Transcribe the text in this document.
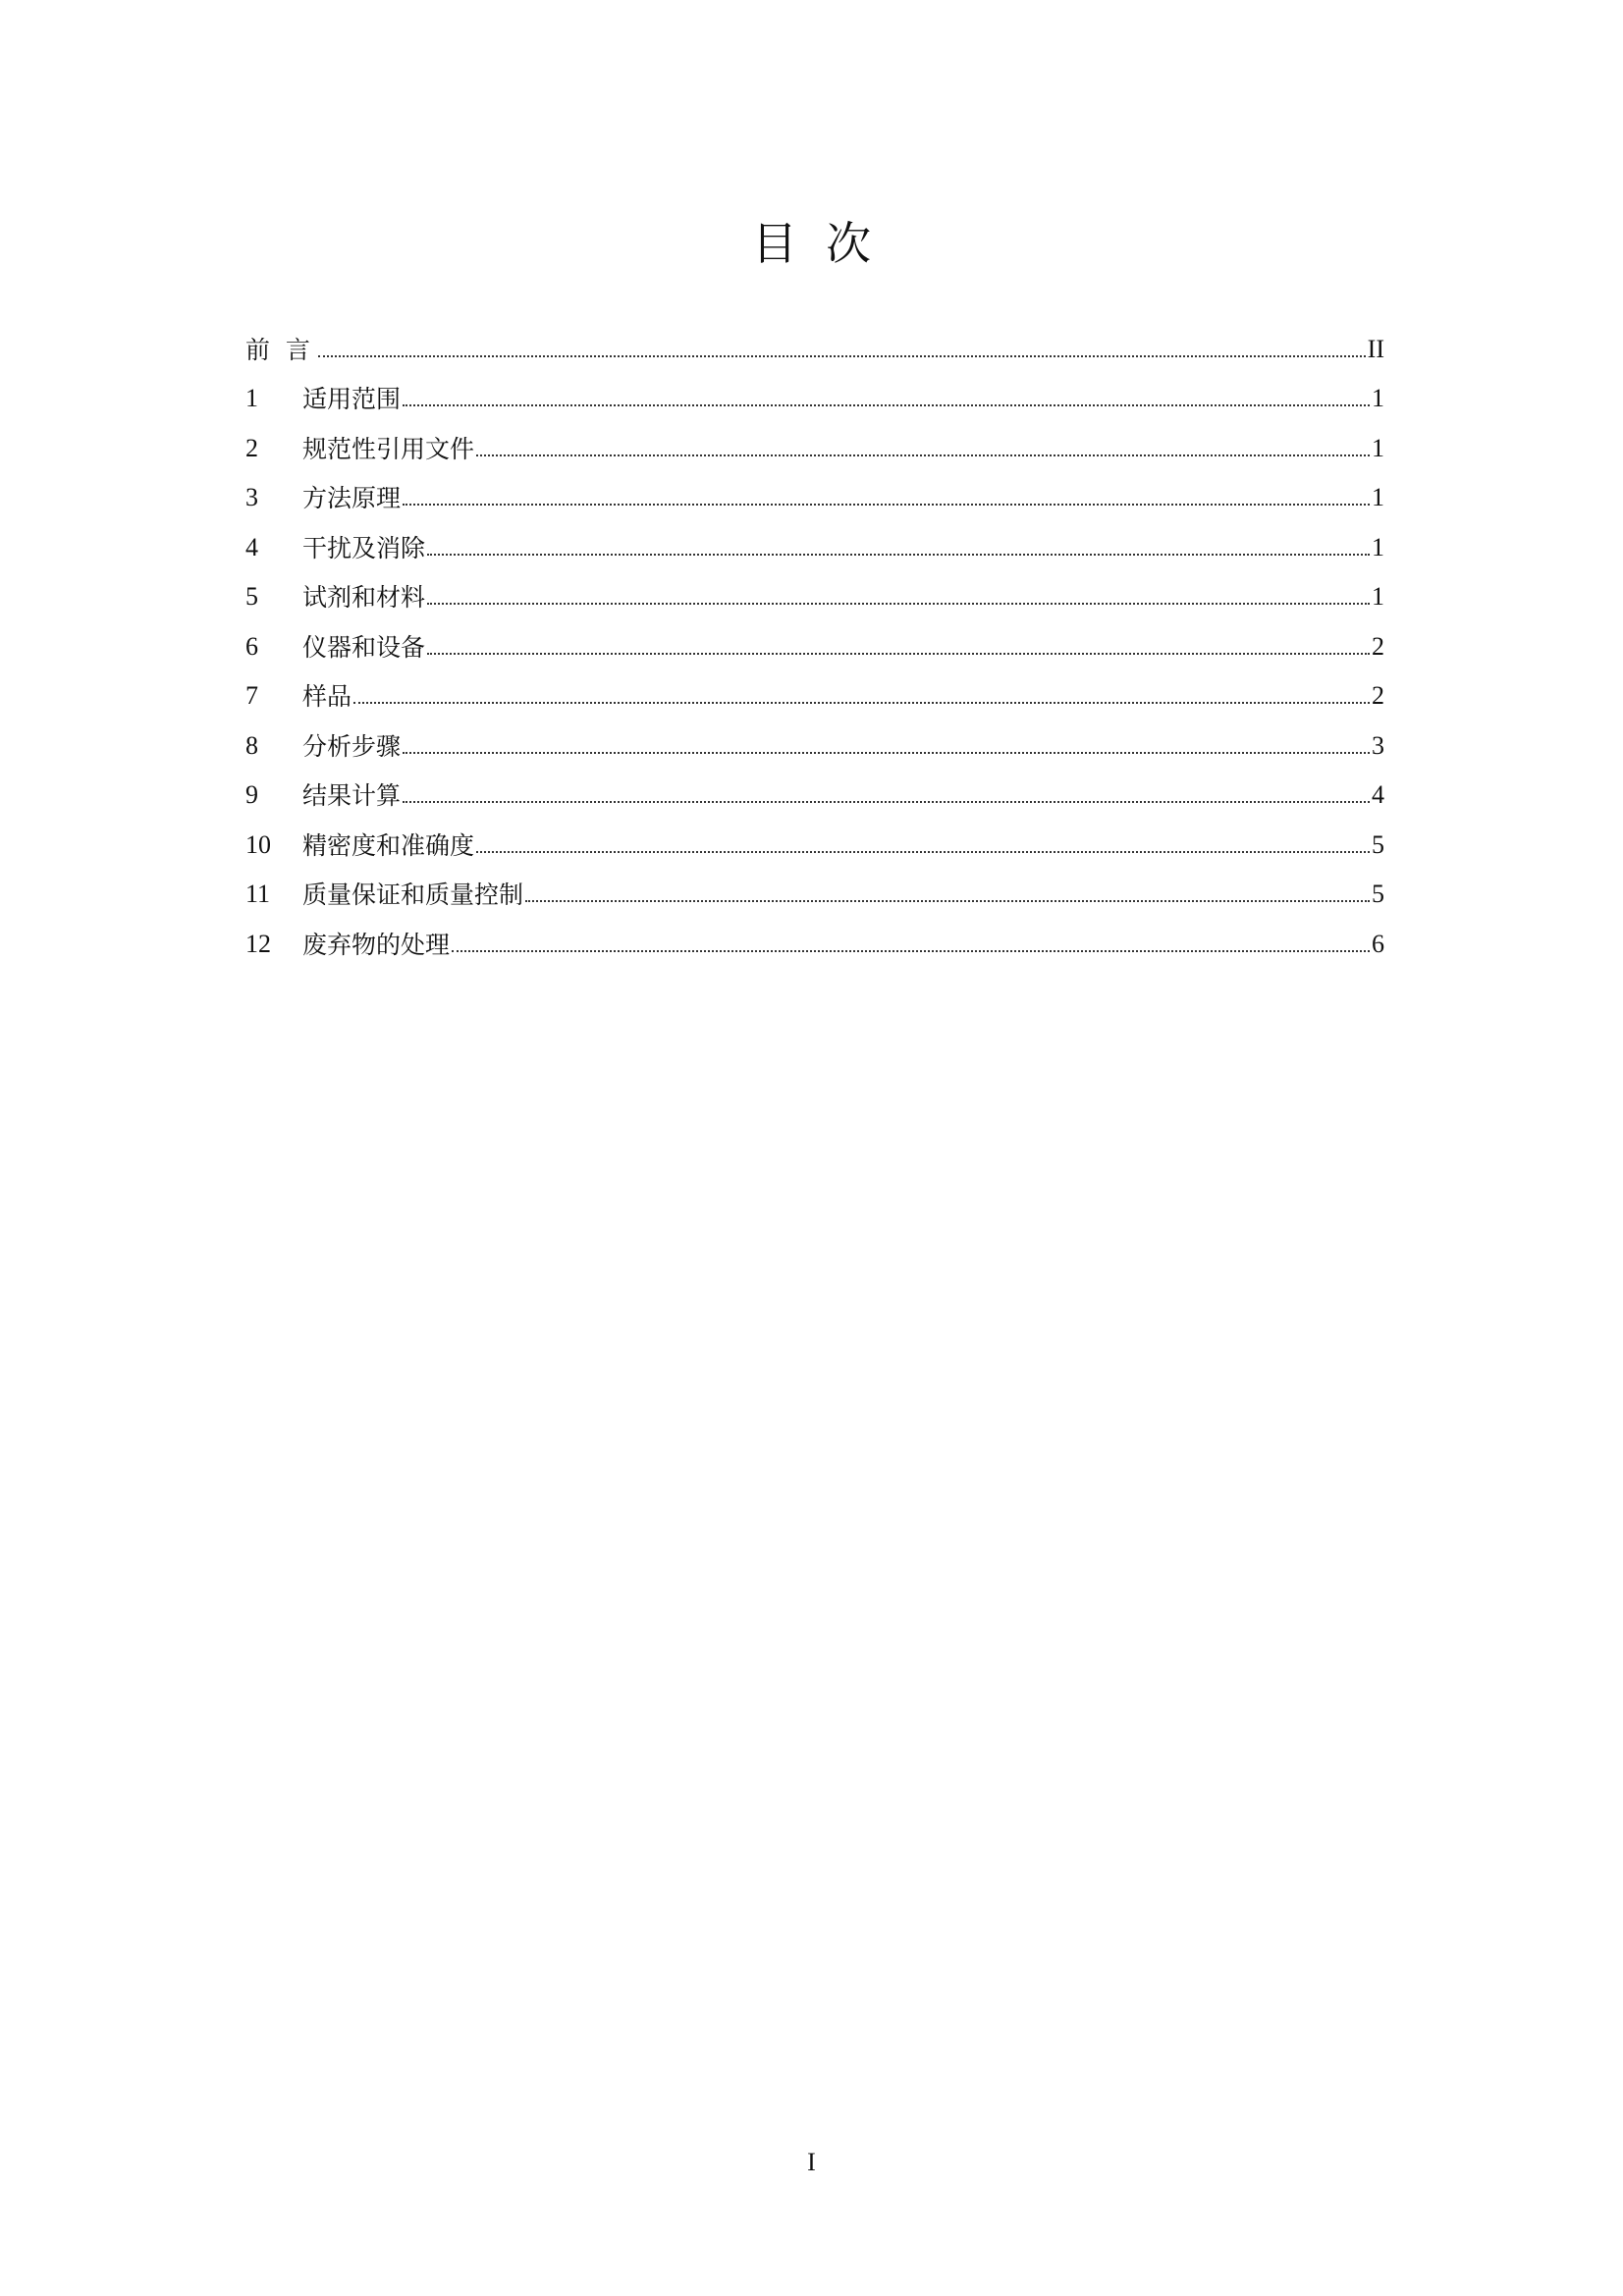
目  次
前  言	II
1	适用范围	1
2	规范性引用文件	1
3	方法原理	1
4	干扰及消除	1
5	试剂和材料	1
6	仪器和设备	2
7	样品	2
8	分析步骤	3
9	结果计算	4
10	精密度和准确度	5
11	质量保证和质量控制	5
12	废弃物的处理	6
I
